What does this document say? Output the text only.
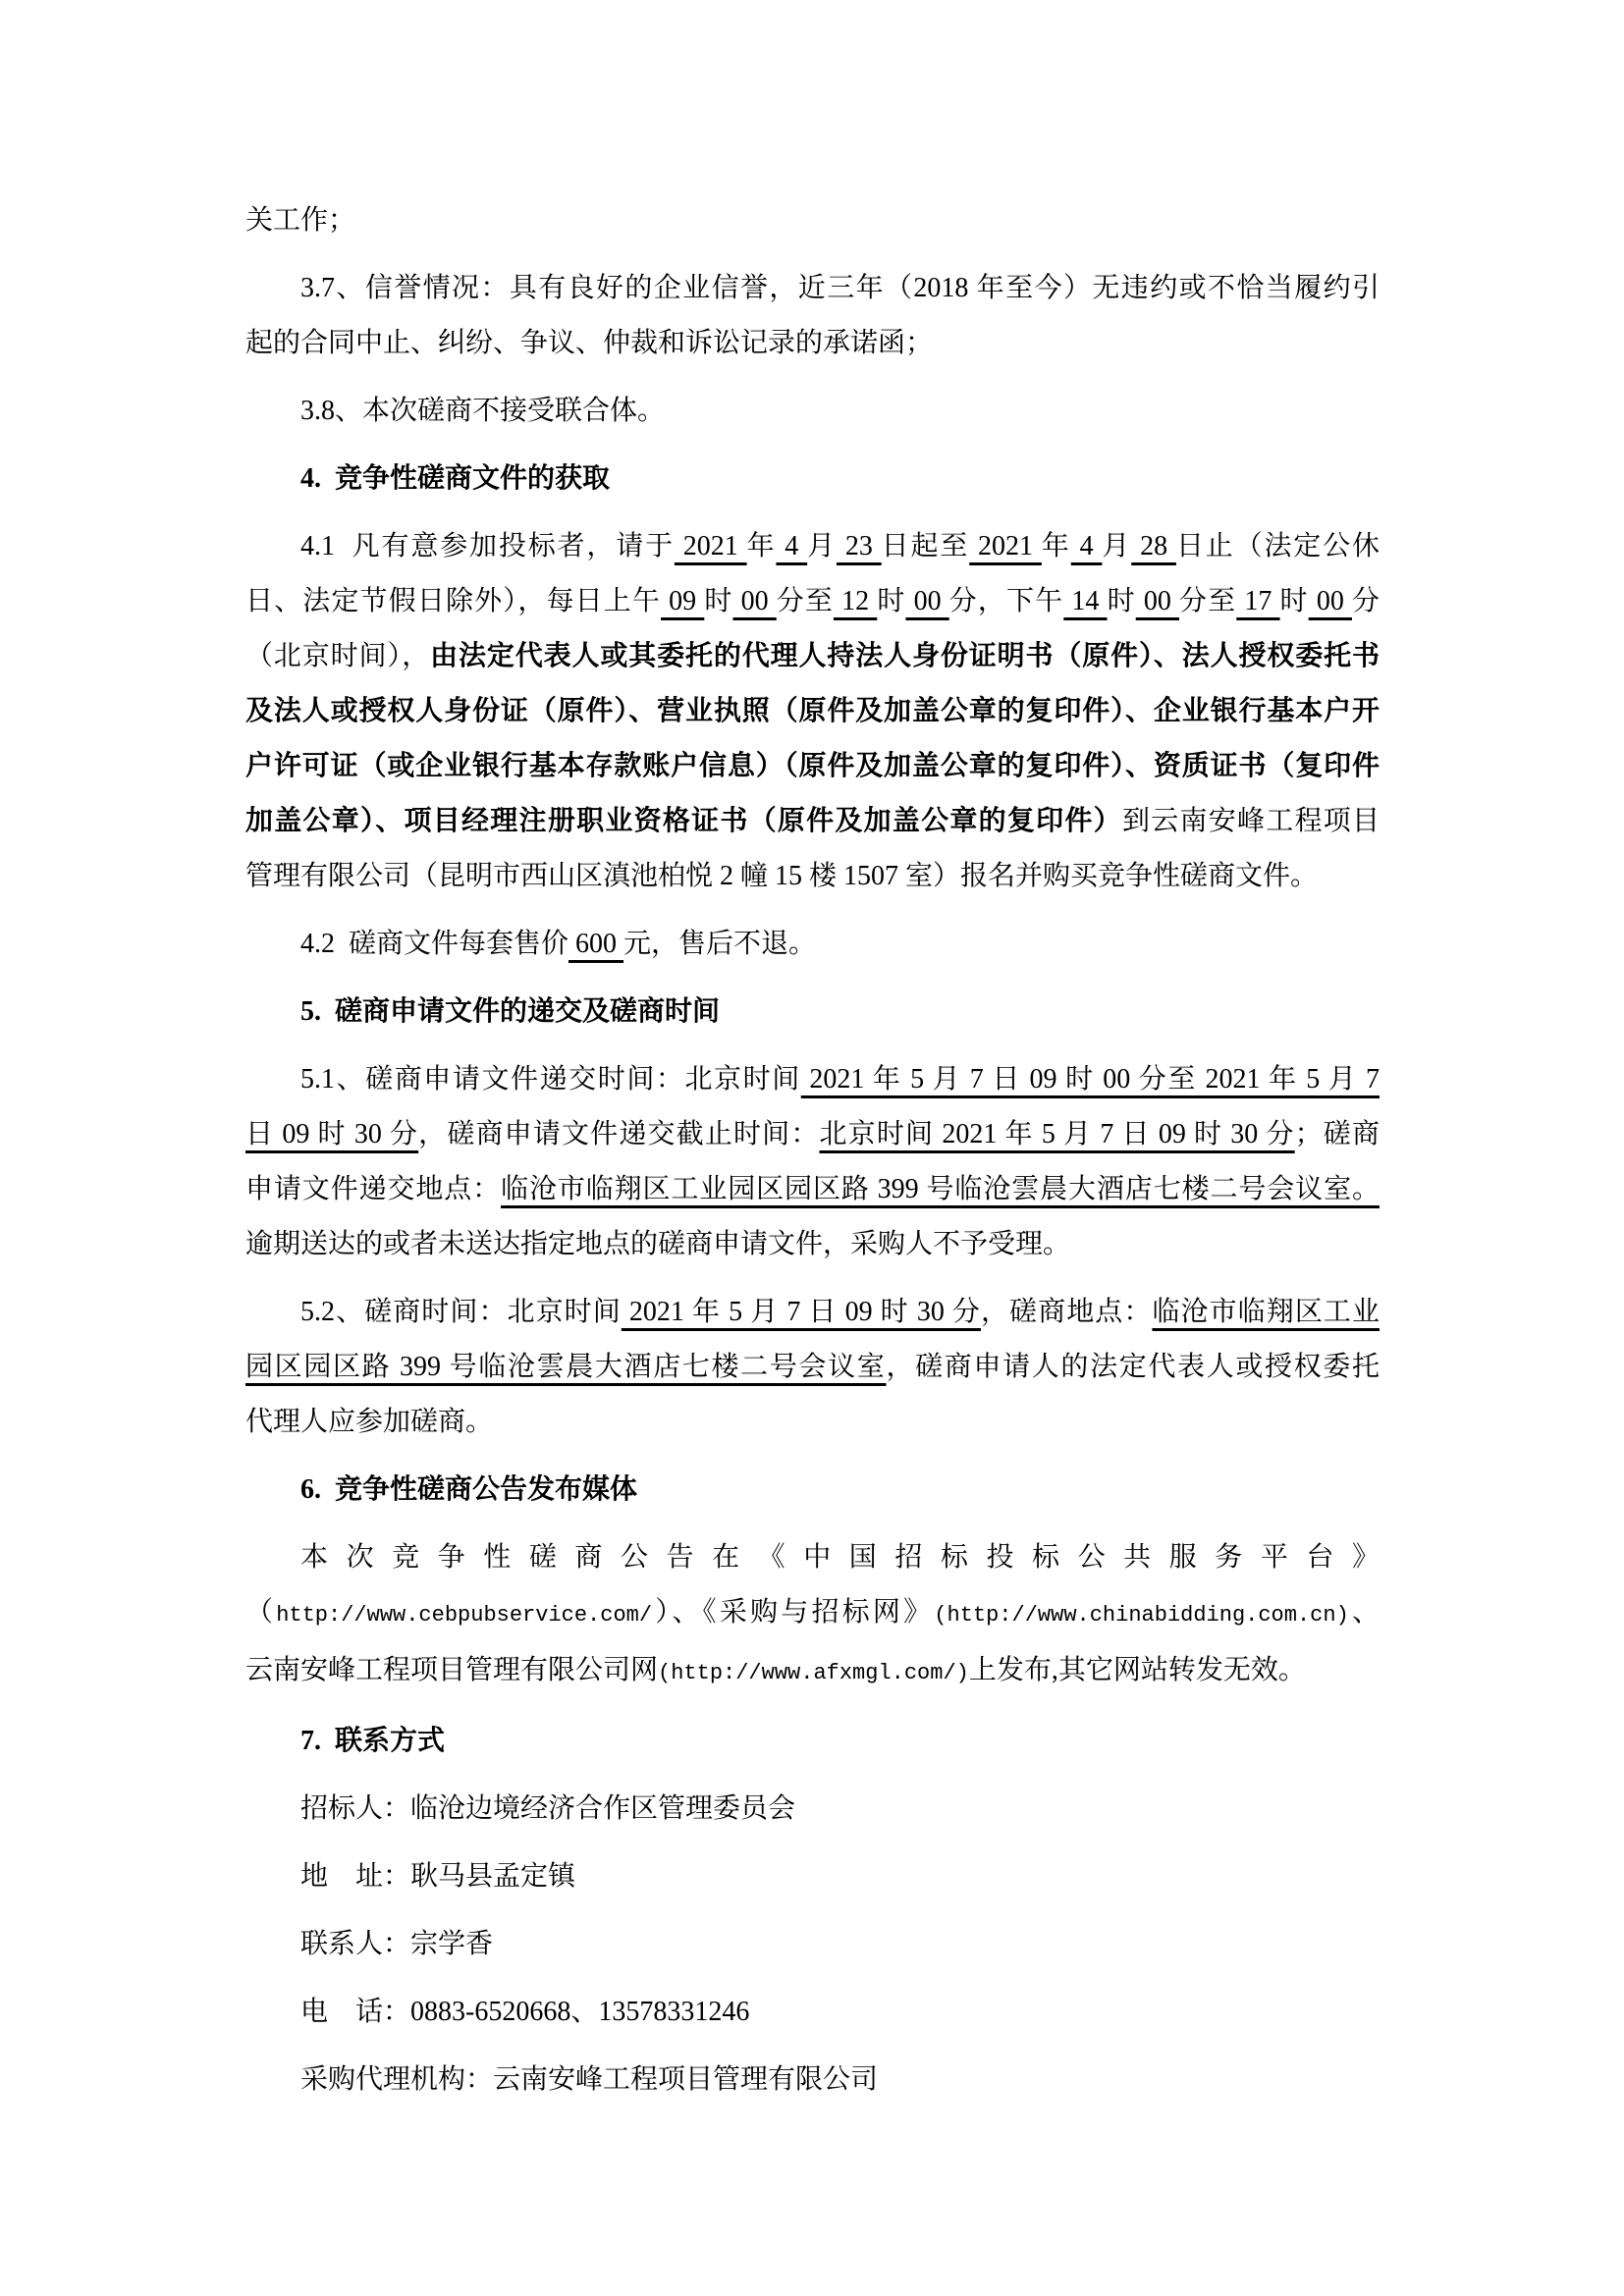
关工作；
3.7、信誉情况：具有良好的企业信誉，近三年（2018 年至今）无违约或不恰当履约引
起的合同中止、纠纷、争议、仲裁和诉讼记录的承诺函；
3.8、本次磋商不接受联合体。
4.  竞争性磋商文件的获取
4.1  凡有意参加投标者，请于 2021 年 4 月 23 日起至 2021 年 4 月 28 日止（法定公休
日、法定节假日除外），每日上午 09 时 00 分至 12 时 00 分，下午 14 时 00 分至 17 时 00 分
（北京时间），由法定代表人或其委托的代理人持法人身份证明书（原件）、法人授权委托书
及法人或授权人身份证（原件）、营业执照（原件及加盖公章的复印件）、企业银行基本户开
户许可证（或企业银行基本存款账户信息）（原件及加盖公章的复印件）、资质证书（复印件
加盖公章）、项目经理注册职业资格证书（原件及加盖公章的复印件）到云南安峰工程项目
管理有限公司（昆明市西山区滇池柏悦 2 幢 15 楼 1507 室）报名并购买竞争性磋商文件。
4.2  磋商文件每套售价 600 元，售后不退。
5.  磋商申请文件的递交及磋商时间
5.1、磋商申请文件递交时间：北京时间 2021 年 5 月 7 日 09 时 00 分至 2021 年 5 月 7
日 09 时 30 分，磋商申请文件递交截止时间：北京时间 2021 年 5 月 7 日 09 时 30 分；磋商
申请文件递交地点：临沧市临翔区工业园区园区路 399 号临沧雲晨大酒店七楼二号会议室。
逾期送达的或者未送达指定地点的磋商申请文件，采购人不予受理。
5.2、磋商时间：北京时间 2021 年 5 月 7 日 09 时 30 分，磋商地点：临沧市临翔区工业
园区园区路 399 号临沧雲晨大酒店七楼二号会议室，磋商申请人的法定代表人或授权委托
代理人应参加磋商。
6.  竞争性磋商公告发布媒体
本次竞争性磋商公告在《中国招标投标公共服务平台》
（http://www.cebpubservice.com/）、《采购与招标网》(http://www.chinabidding.com.cn)、
云南安峰工程项目管理有限公司网(http://www.afxmgl.com/)上发布,其它网站转发无效。
7.  联系方式
招标人：临沧边境经济合作区管理委员会
地　址：耿马县孟定镇
联系人：宗学香
电　话：0883-6520668、13578331246
采购代理机构：云南安峰工程项目管理有限公司
